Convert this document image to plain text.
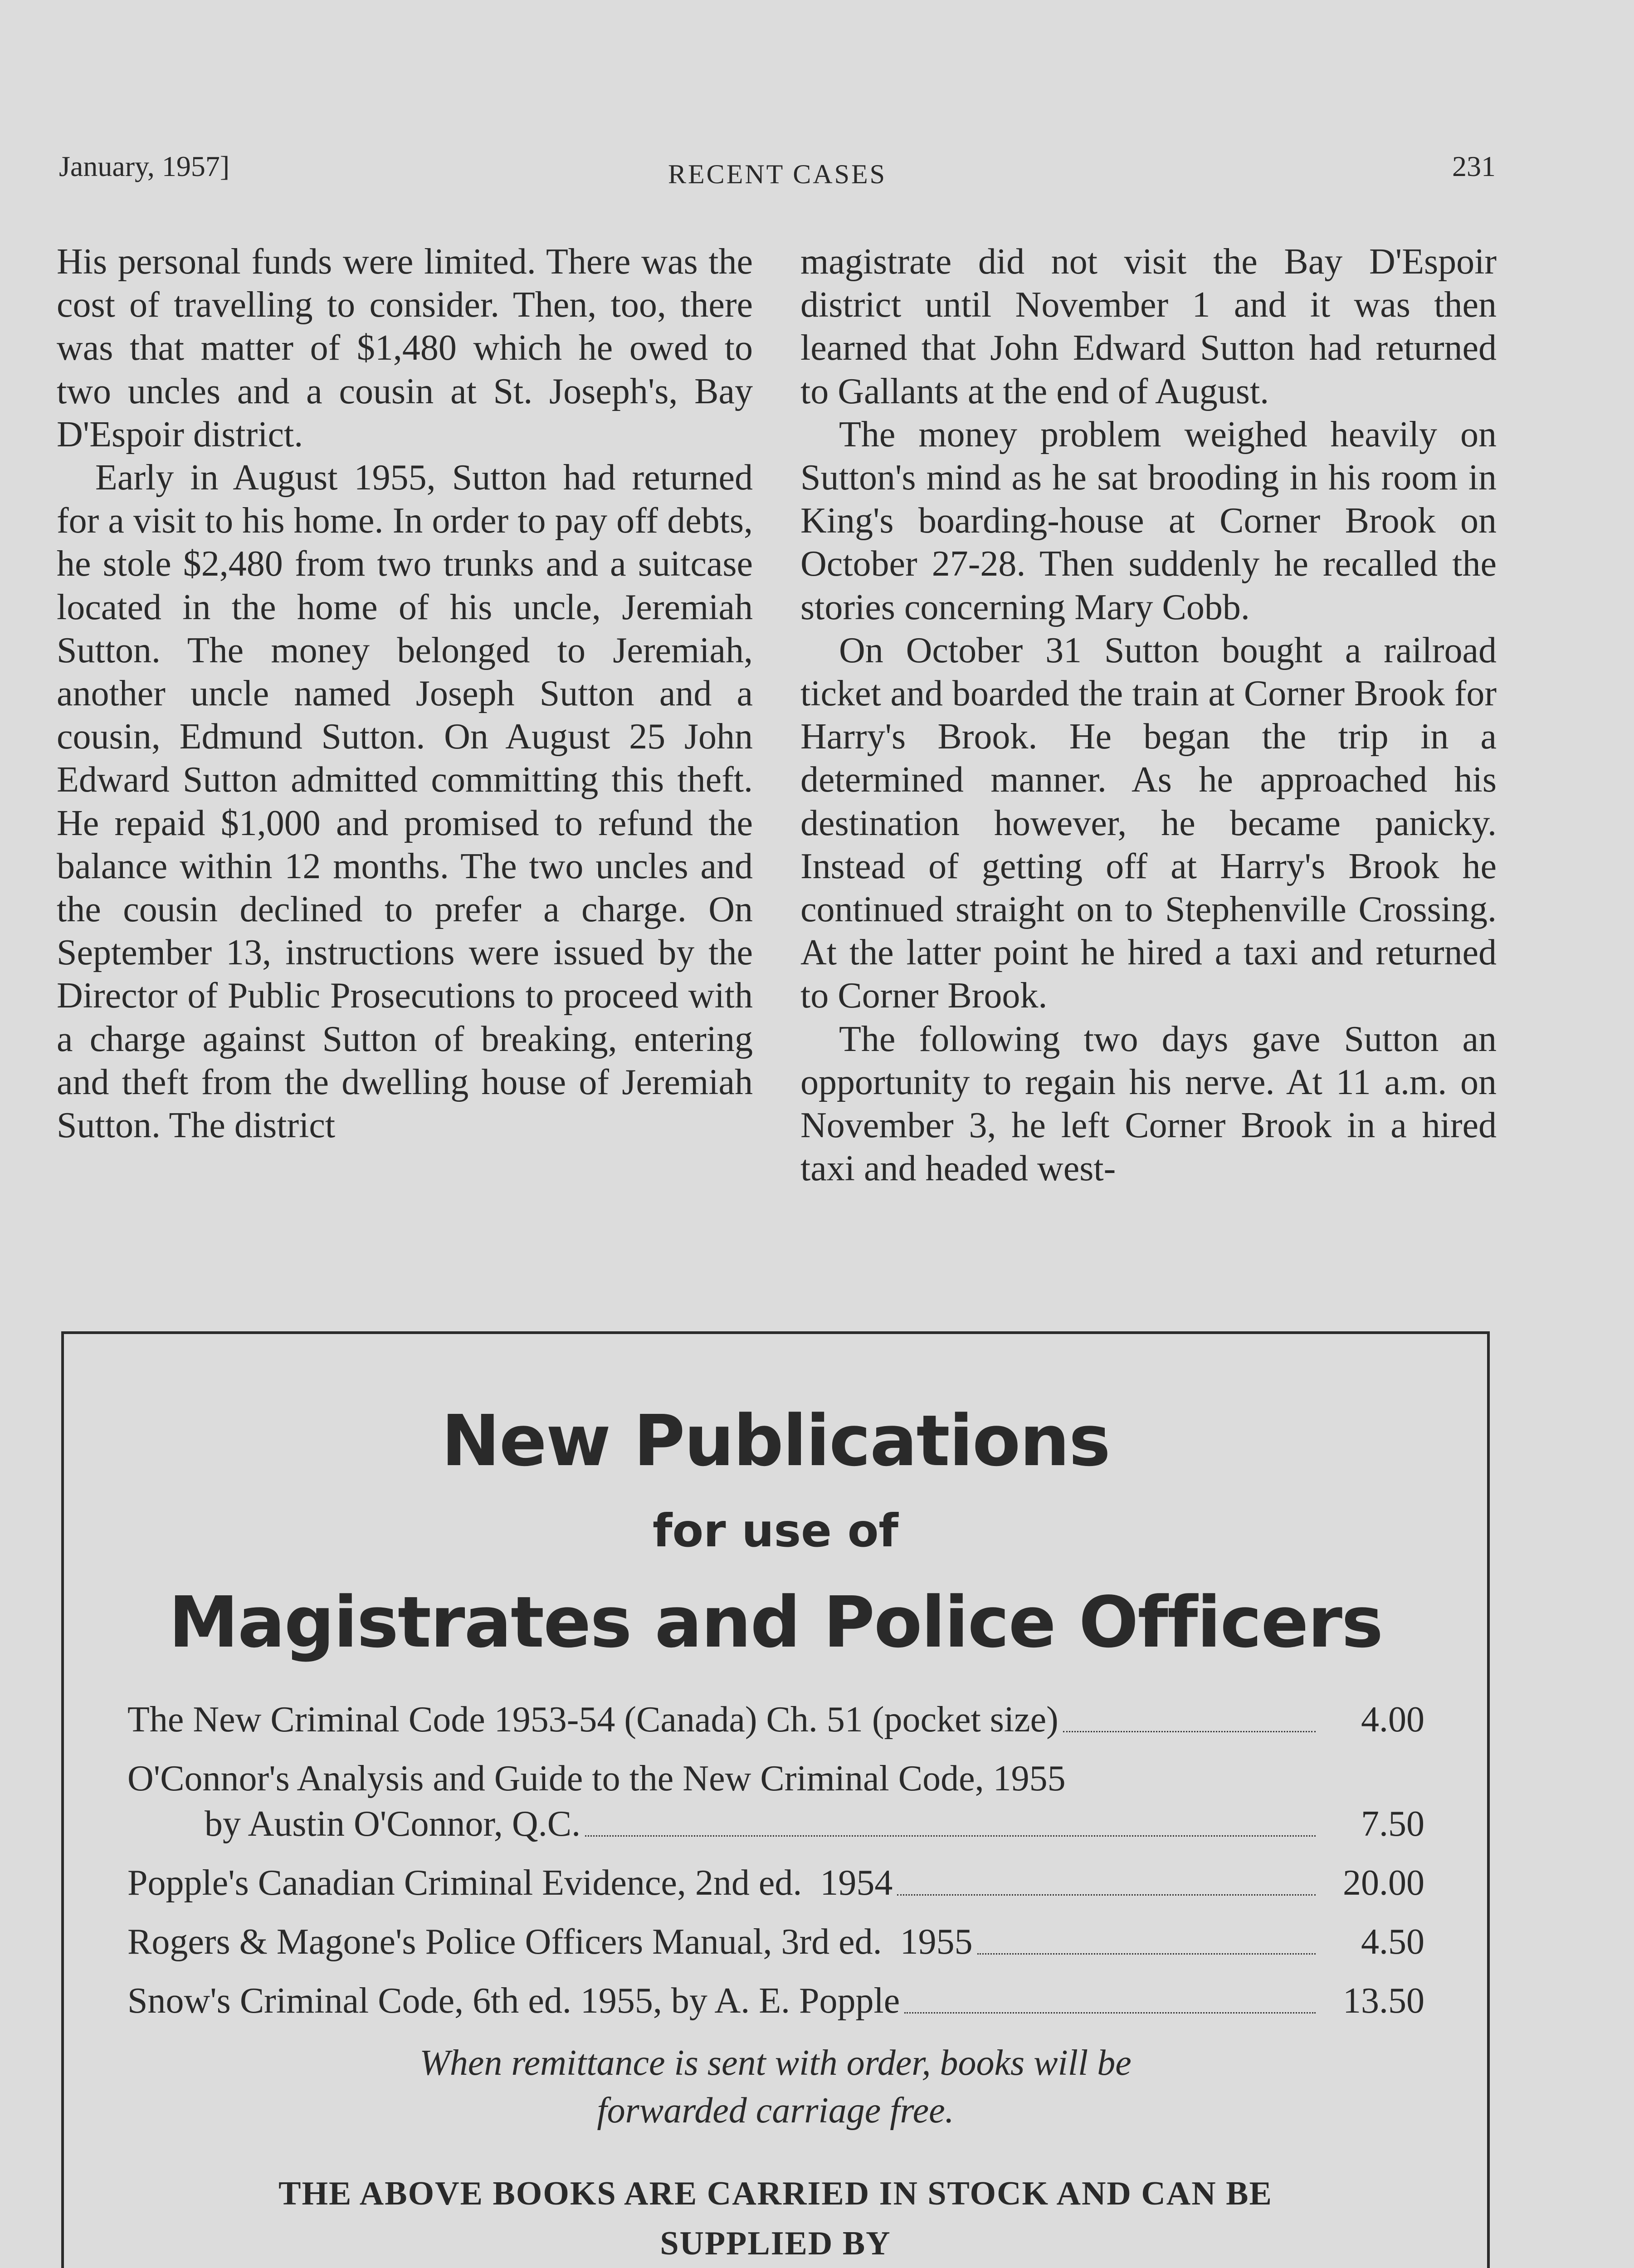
January, 1957]	RECENT CASES	231

His personal funds were limited. There was the cost of travelling to consider. Then, too, there was that matter of $1,480 which he owed to two uncles and a cousin at St. Joseph's, Bay D'Espoir district.

Early in August 1955, Sutton had returned for a visit to his home. In order to pay off debts, he stole $2,480 from two trunks and a suitcase located in the home of his uncle, Jeremiah Sutton. The money belonged to Jeremiah, another uncle named Joseph Sutton and a cousin, Edmund Sutton. On August 25 John Edward Sutton admitted committing this theft. He repaid $1,000 and promised to refund the balance within 12 months. The two uncles and the cousin declined to prefer a charge. On September 13, instructions were issued by the Director of Public Prosecutions to proceed with a charge against Sutton of breaking, entering and theft from the dwelling house of Jeremiah Sutton. The district

magistrate did not visit the Bay D'Espoir district until November 1 and it was then learned that John Edward Sutton had returned to Gallants at the end of August.

The money problem weighed heavily on Sutton's mind as he sat brooding in his room in King's boarding-house at Corner Brook on October 27-28. Then suddenly he recalled the stories concerning Mary Cobb.

On October 31 Sutton bought a railroad ticket and boarded the train at Corner Brook for Harry's Brook. He began the trip in a determined manner. As he approached his destination however, he became panicky. Instead of getting off at Harry's Brook he continued straight on to Stephenville Crossing. At the latter point he hired a taxi and returned to Corner Brook.

The following two days gave Sutton an opportunity to regain his nerve. At 11 a.m. on November 3, he left Corner Brook in a hired taxi and headed west-

New Publications
for use of
Magistrates and Police Officers
The New Criminal Code 1953-54 (Canada) Ch. 51 (pocket size)	4.00
O'Connor's Analysis and Guide to the New Criminal Code, 1955
by Austin O'Connor, Q.C.	7.50
Popple's Canadian Criminal Evidence, 2nd ed.  1954	20.00
Rogers & Magone's Police Officers Manual, 3rd ed.  1955	4.50
Snow's Criminal Code, 6th ed. 1955, by A. E. Popple	13.50
When remittance is sent with order, books will be
forwarded carriage free.
THE ABOVE BOOKS ARE CARRIED IN STOCK AND CAN BE
SUPPLIED BY
